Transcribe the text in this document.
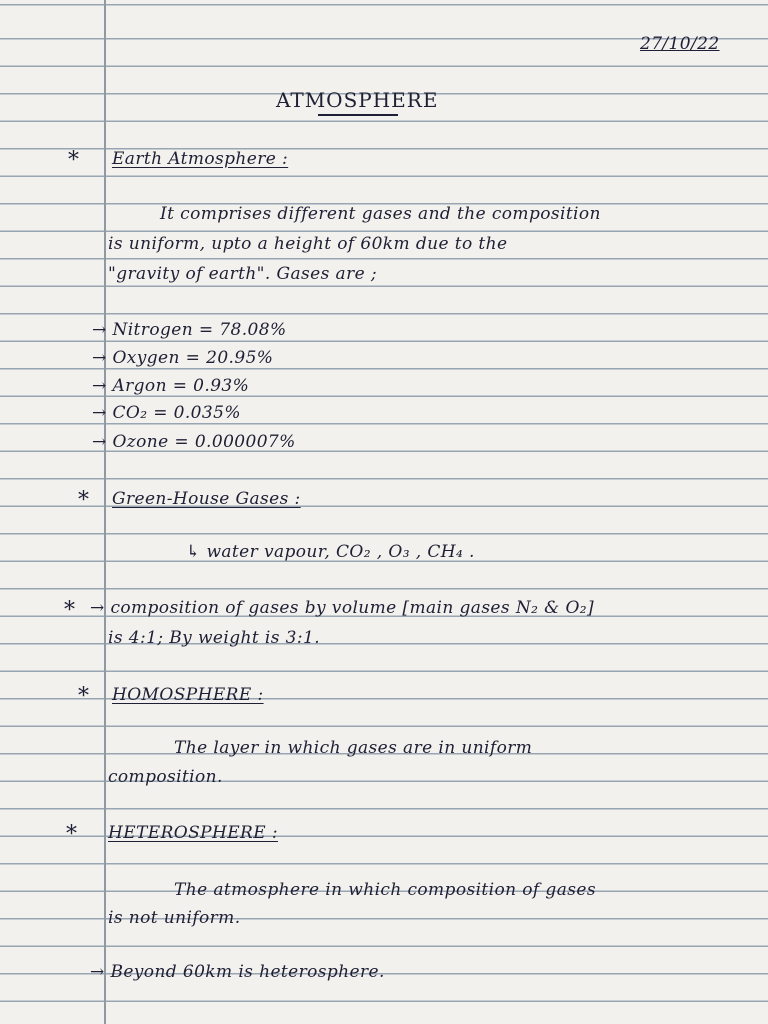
27/10/22
ATMOSPHERE
* Earth Atmosphere :
It comprises different gases and the composition
is uniform, upto a height of 60km due to the
"gravity of earth". Gases are ;
→ Nitrogen = 78.08%
→ Oxygen = 20.95%
→ Argon = 0.93%
→ CO₂ = 0.035%
→ Ozone = 0.000007%
* Green-House Gases :
↳ water vapour, CO₂ , O₃ , CH₄ .
* → composition of gases by volume [main gases N₂ & O₂]
is 4:1; By weight is 3:1.
* HOMOSPHERE :
The layer in which gases are in uniform
composition.
* HETEROSPHERE :
The atmosphere in which composition of gases
is not uniform.
→ Beyond 60km is heterosphere.
